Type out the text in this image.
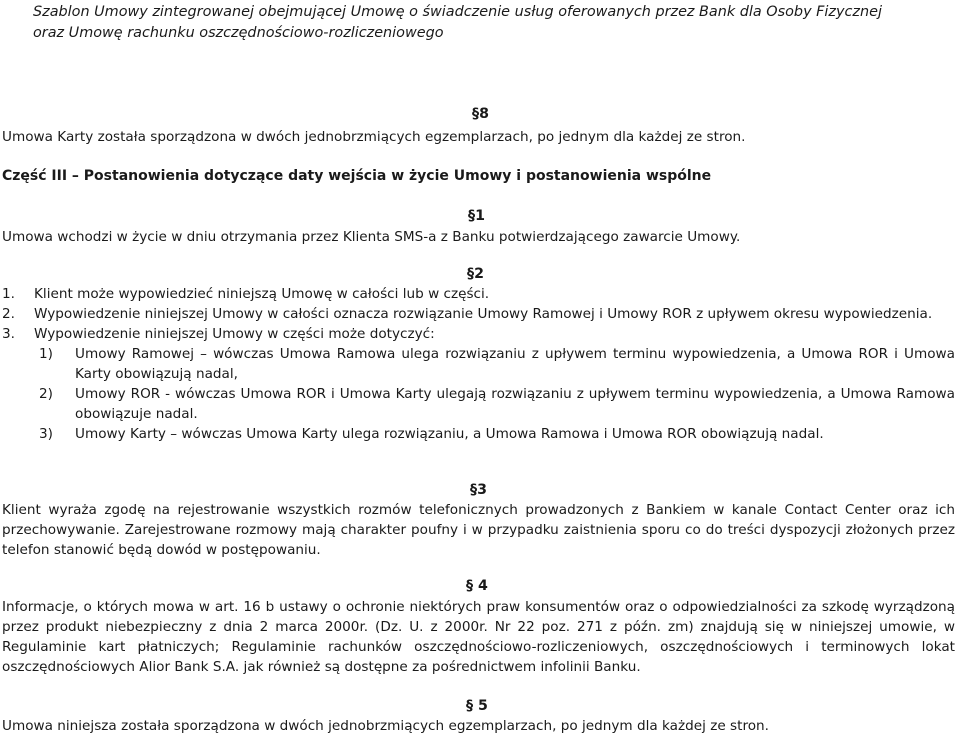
Szablon Umowy zintegrowanej obejmującej Umowę o świadczenie usług oferowanych przez Bank dla Osoby Fizycznej
oraz Umowę rachunku oszczędnościowo-rozliczeniowego
§8
Umowa Karty została sporządzona w dwóch jednobrzmiących egzemplarzach, po jednym dla każdej ze stron.
Część III – Postanowienia dotyczące daty wejścia w życie Umowy i postanowienia wspólne
§1
Umowa wchodzi w życie w dniu otrzymania przez Klienta SMS-a z Banku potwierdzającego zawarcie Umowy.
§2
1.	Klient może wypowiedzieć niniejszą Umowę w całości lub w części.
2.	Wypowiedzenie niniejszej Umowy w całości oznacza rozwiązanie Umowy Ramowej i Umowy ROR z upływem okresu wypowiedzenia.
3.	Wypowiedzenie niniejszej Umowy w części może dotyczyć:
1) Umowy Ramowej – wówczas Umowa Ramowa ulega rozwiązaniu z upływem terminu wypowiedzenia, a Umowa ROR i Umowa Karty obowiązują nadal,
2) Umowy ROR - wówczas Umowa ROR i Umowa Karty ulegają rozwiązaniu z upływem terminu wypowiedzenia, a Umowa Ramowa obowiązuje nadal.
3) Umowy Karty – wówczas Umowa Karty ulega rozwiązaniu, a Umowa Ramowa i Umowa ROR obowiązują nadal.
§3
Klient wyraża zgodę na rejestrowanie wszystkich rozmów telefonicznych prowadzonych z Bankiem w kanale Contact Center oraz ich przechowywanie. Zarejestrowane rozmowy mają charakter poufny i w przypadku zaistnienia sporu co do treści dyspozycji złożonych przez telefon stanowić będą dowód w postępowaniu.
§ 4
Informacje, o których mowa w art. 16 b ustawy o ochronie niektórych praw konsumentów oraz o odpowiedzialności za szkodę wyrządzoną przez produkt niebezpieczny z dnia 2 marca 2000r. (Dz. U. z 2000r. Nr 22 poz. 271 z późn. zm) znajdują się w niniejszej umowie, w Regulaminie kart płatniczych; Regulaminie rachunków oszczędnościowo-rozliczeniowych, oszczędnościowych i terminowych lokat oszczędnościowych Alior Bank S.A. jak również są dostępne za pośrednictwem infolinii Banku.
§ 5
Umowa niniejsza została sporządzona w dwóch jednobrzmiących egzemplarzach, po jednym dla każdej ze stron.
